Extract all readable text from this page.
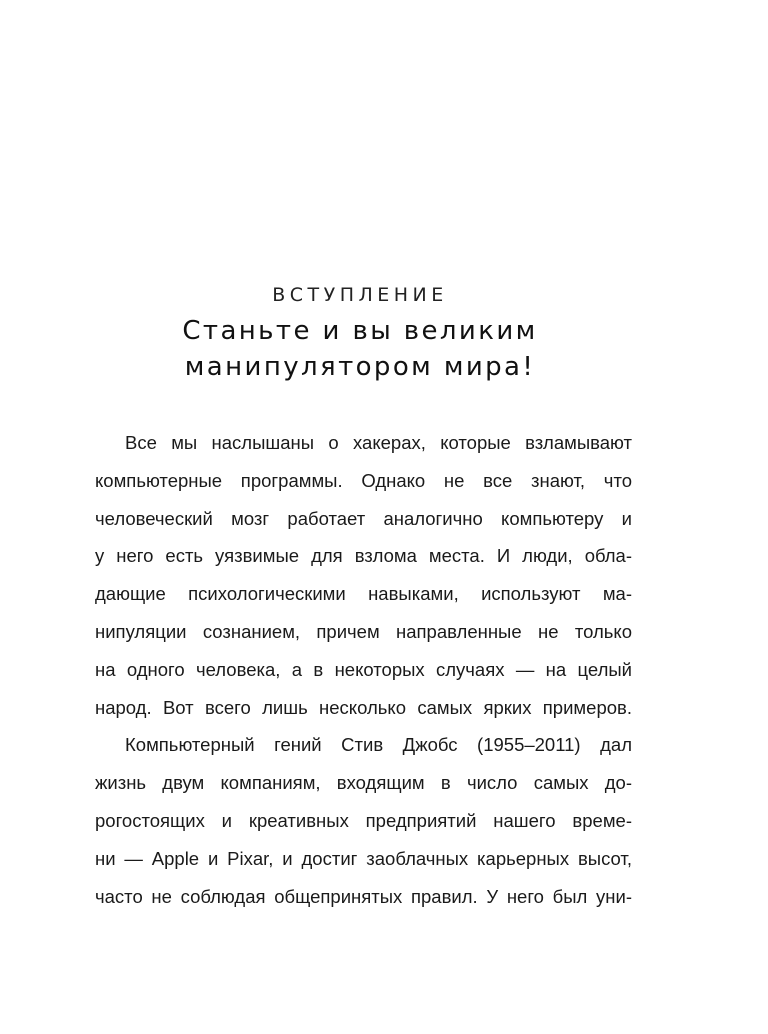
ВСТУПЛЕНИЕ
Станьте и вы великим
манипулятором мира!
Все мы наслышаны о хакерах, которые взламывают
компьютерные программы. Однако не все знают, что
человеческий мозг работает аналогично компьютеру и
у него есть уязвимые для взлома места. И люди, обла-
дающие психологическими навыками, используют ма-
нипуляции сознанием, причем направленные не только
на одного человека, а в некоторых случаях — на целый
народ. Вот всего лишь несколько самых ярких примеров.
Компьютерный гений Стив Джобс (1955–2011) дал
жизнь двум компаниям, входящим в число самых до-
рогостоящих и креативных предприятий нашего време-
ни — Apple и Pixar, и достиг заоблачных карьерных высот,
часто не соблюдая общепринятых правил. У него был уни-
